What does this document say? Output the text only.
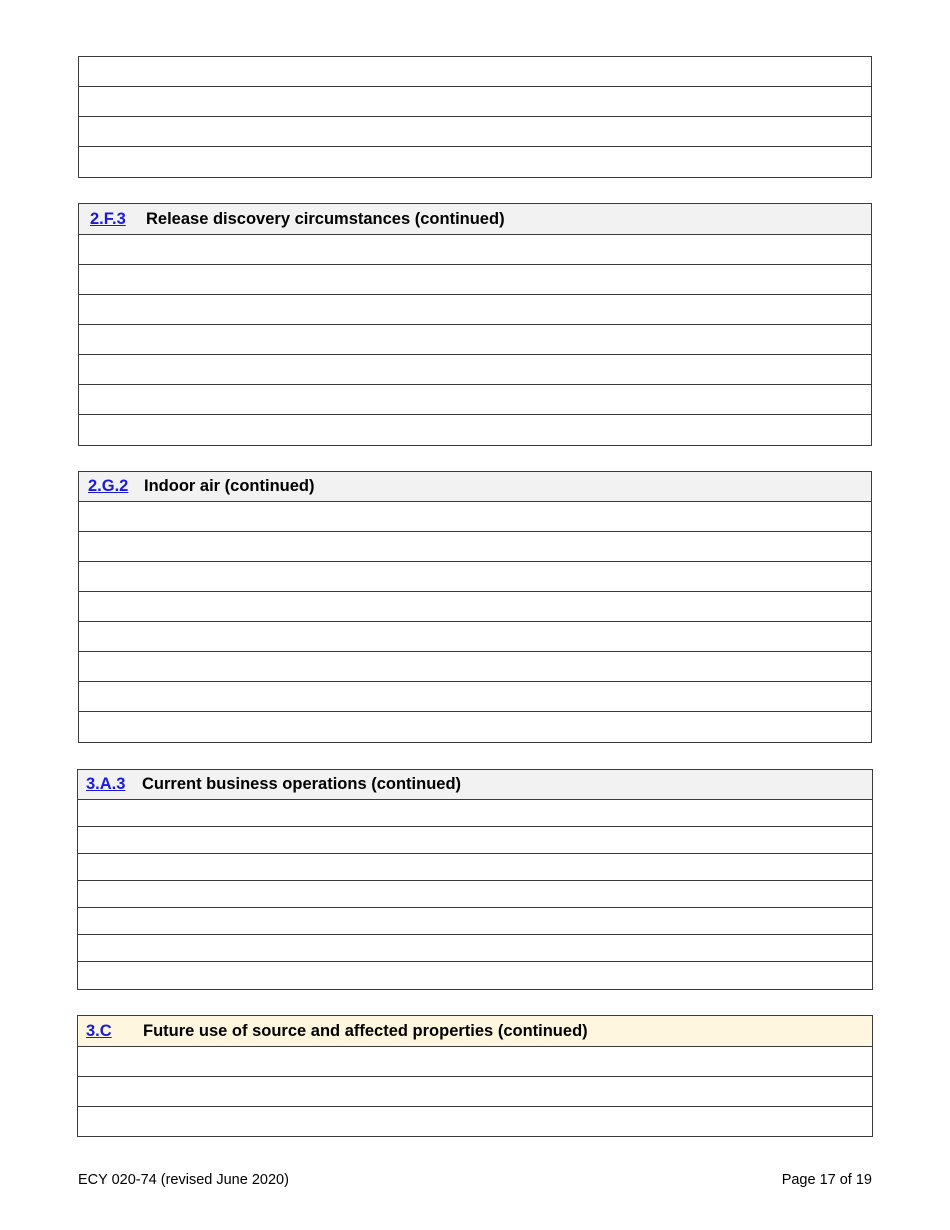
2.F.3	Release discovery circumstances (continued)
2.G.2 Indoor air (continued)
3.A.3	Current business operations (continued)
3.C	Future use of source and affected properties (continued)
ECY 020-74 (revised June 2020)	Page 17 of 19
